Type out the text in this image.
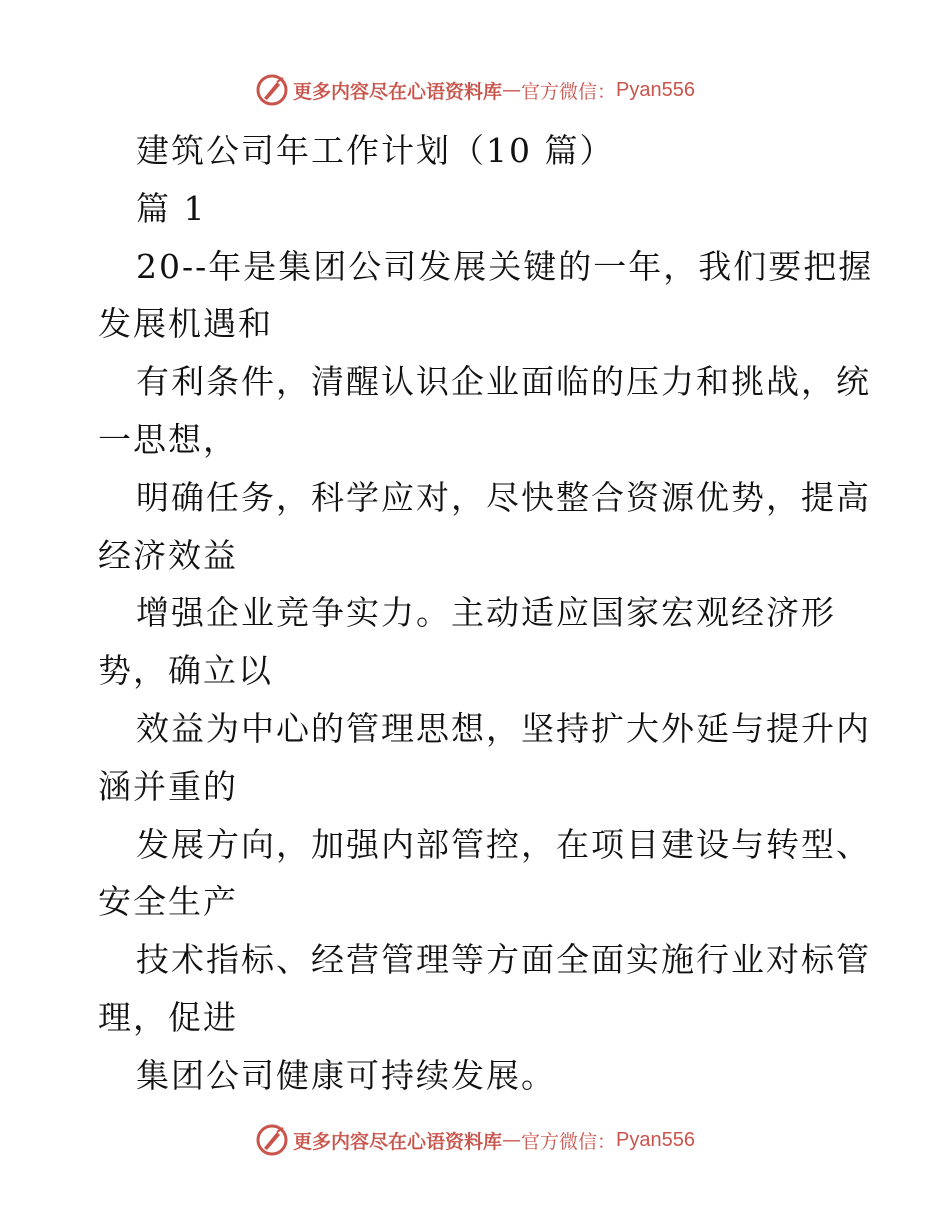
更多内容尽在心语资料库 — 官方微信： Pyan556
建筑公司年工作计划（10 篇）
篇 1
20--年是集团公司发展关键的一年，我们要把握
发展机遇和
有利条件，清醒认识企业面临的压力和挑战，统
一思想，
明确任务，科学应对，尽快整合资源优势，提高
经济效益
增强企业竞争实力。主动适应国家宏观经济形
势，确立以
效益为中心的管理思想，坚持扩大外延与提升内
涵并重的
发展方向，加强内部管控，在项目建设与转型、
安全生产
技术指标、经营管理等方面全面实施行业对标管
理，促进
集团公司健康可持续发展。
更多内容尽在心语资料库 — 官方微信： Pyan556
